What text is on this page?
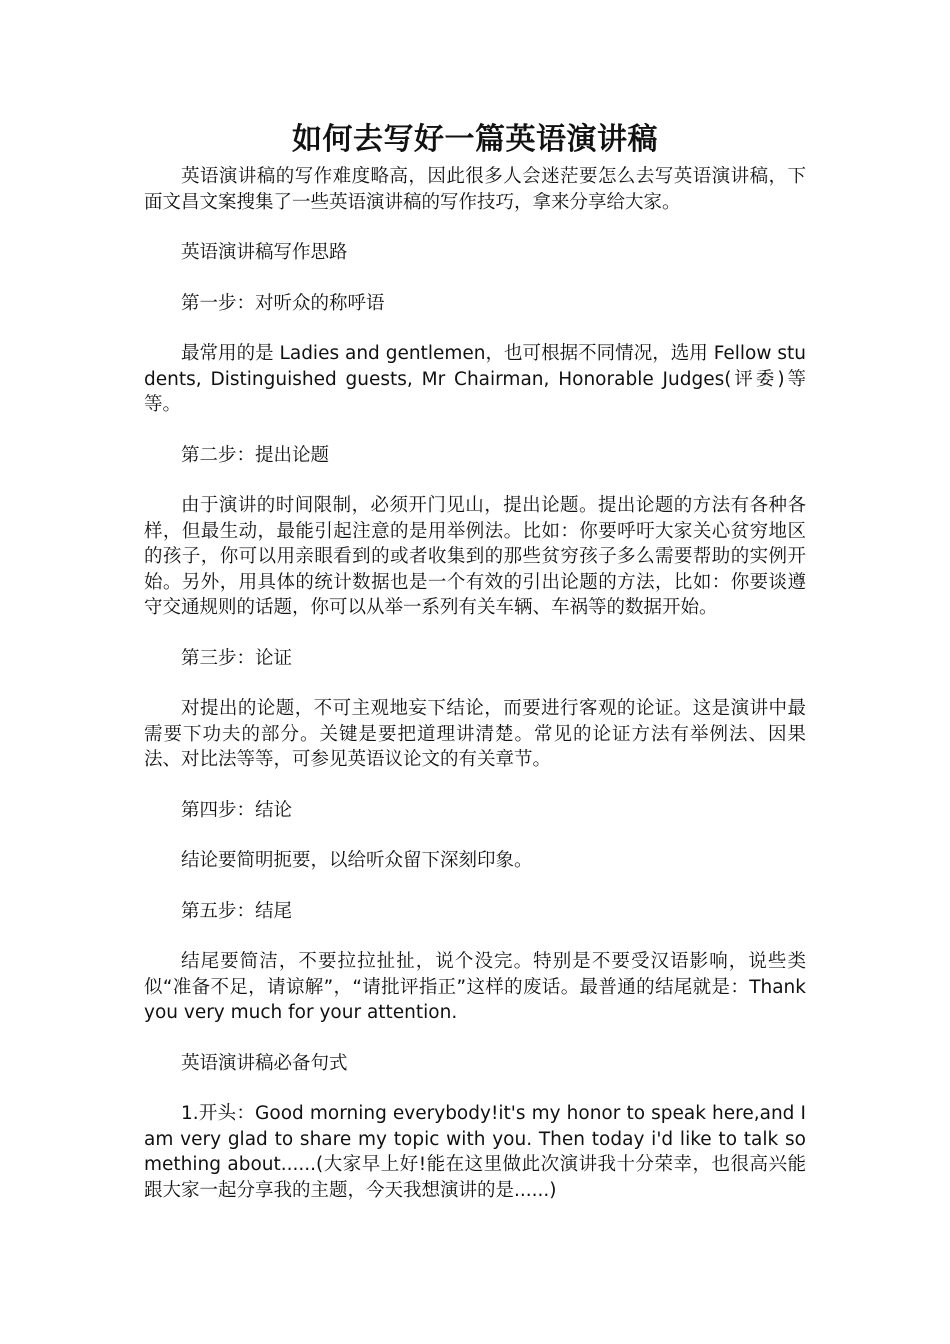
如何去写好一篇英语演讲稿

英语演讲稿的写作难度略高，因此很多人会迷茫要怎么去写英语演讲稿，下面文昌文案搜集了一些英语演讲稿的写作技巧，拿来分享给大家。

英语演讲稿写作思路

第一步：对听众的称呼语

最常用的是 Ladies and gentlemen，也可根据不同情况，选用 Fellow students, Distinguished guests, Mr Chairman, Honorable Judges(评委)等等。

第二步：提出论题

由于演讲的时间限制，必须开门见山，提出论题。提出论题的方法有各种各样，但最生动，最能引起注意的是用举例法。比如：你要呼吁大家关心贫穷地区的孩子，你可以用亲眼看到的或者收集到的那些贫穷孩子多么需要帮助的实例开始。另外，用具体的统计数据也是一个有效的引出论题的方法，比如：你要谈遵守交通规则的话题，你可以从举一系列有关车辆、车祸等的数据开始。

第三步：论证

对提出的论题，不可主观地妄下结论，而要进行客观的论证。这是演讲中最需要下功夫的部分。关键是要把道理讲清楚。常见的论证方法有举例法、因果法、对比法等等，可参见英语议论文的有关章节。

第四步：结论

结论要简明扼要，以给听众留下深刻印象。

第五步：结尾

结尾要简洁，不要拉拉扯扯，说个没完。特别是不要受汉语影响，说些类似“准备不足，请谅解”，“请批评指正”这样的废话。最普通的结尾就是：Thank you very much for your attention.

英语演讲稿必备句式

1.开头：Good morning everybody!it's my honor to speak here,and I am very glad to share my topic with you. Then today i'd like to talk something about......(大家早上好!能在这里做此次演讲我十分荣幸，也很高兴能跟大家一起分享我的主题，今天我想演讲的是......)
